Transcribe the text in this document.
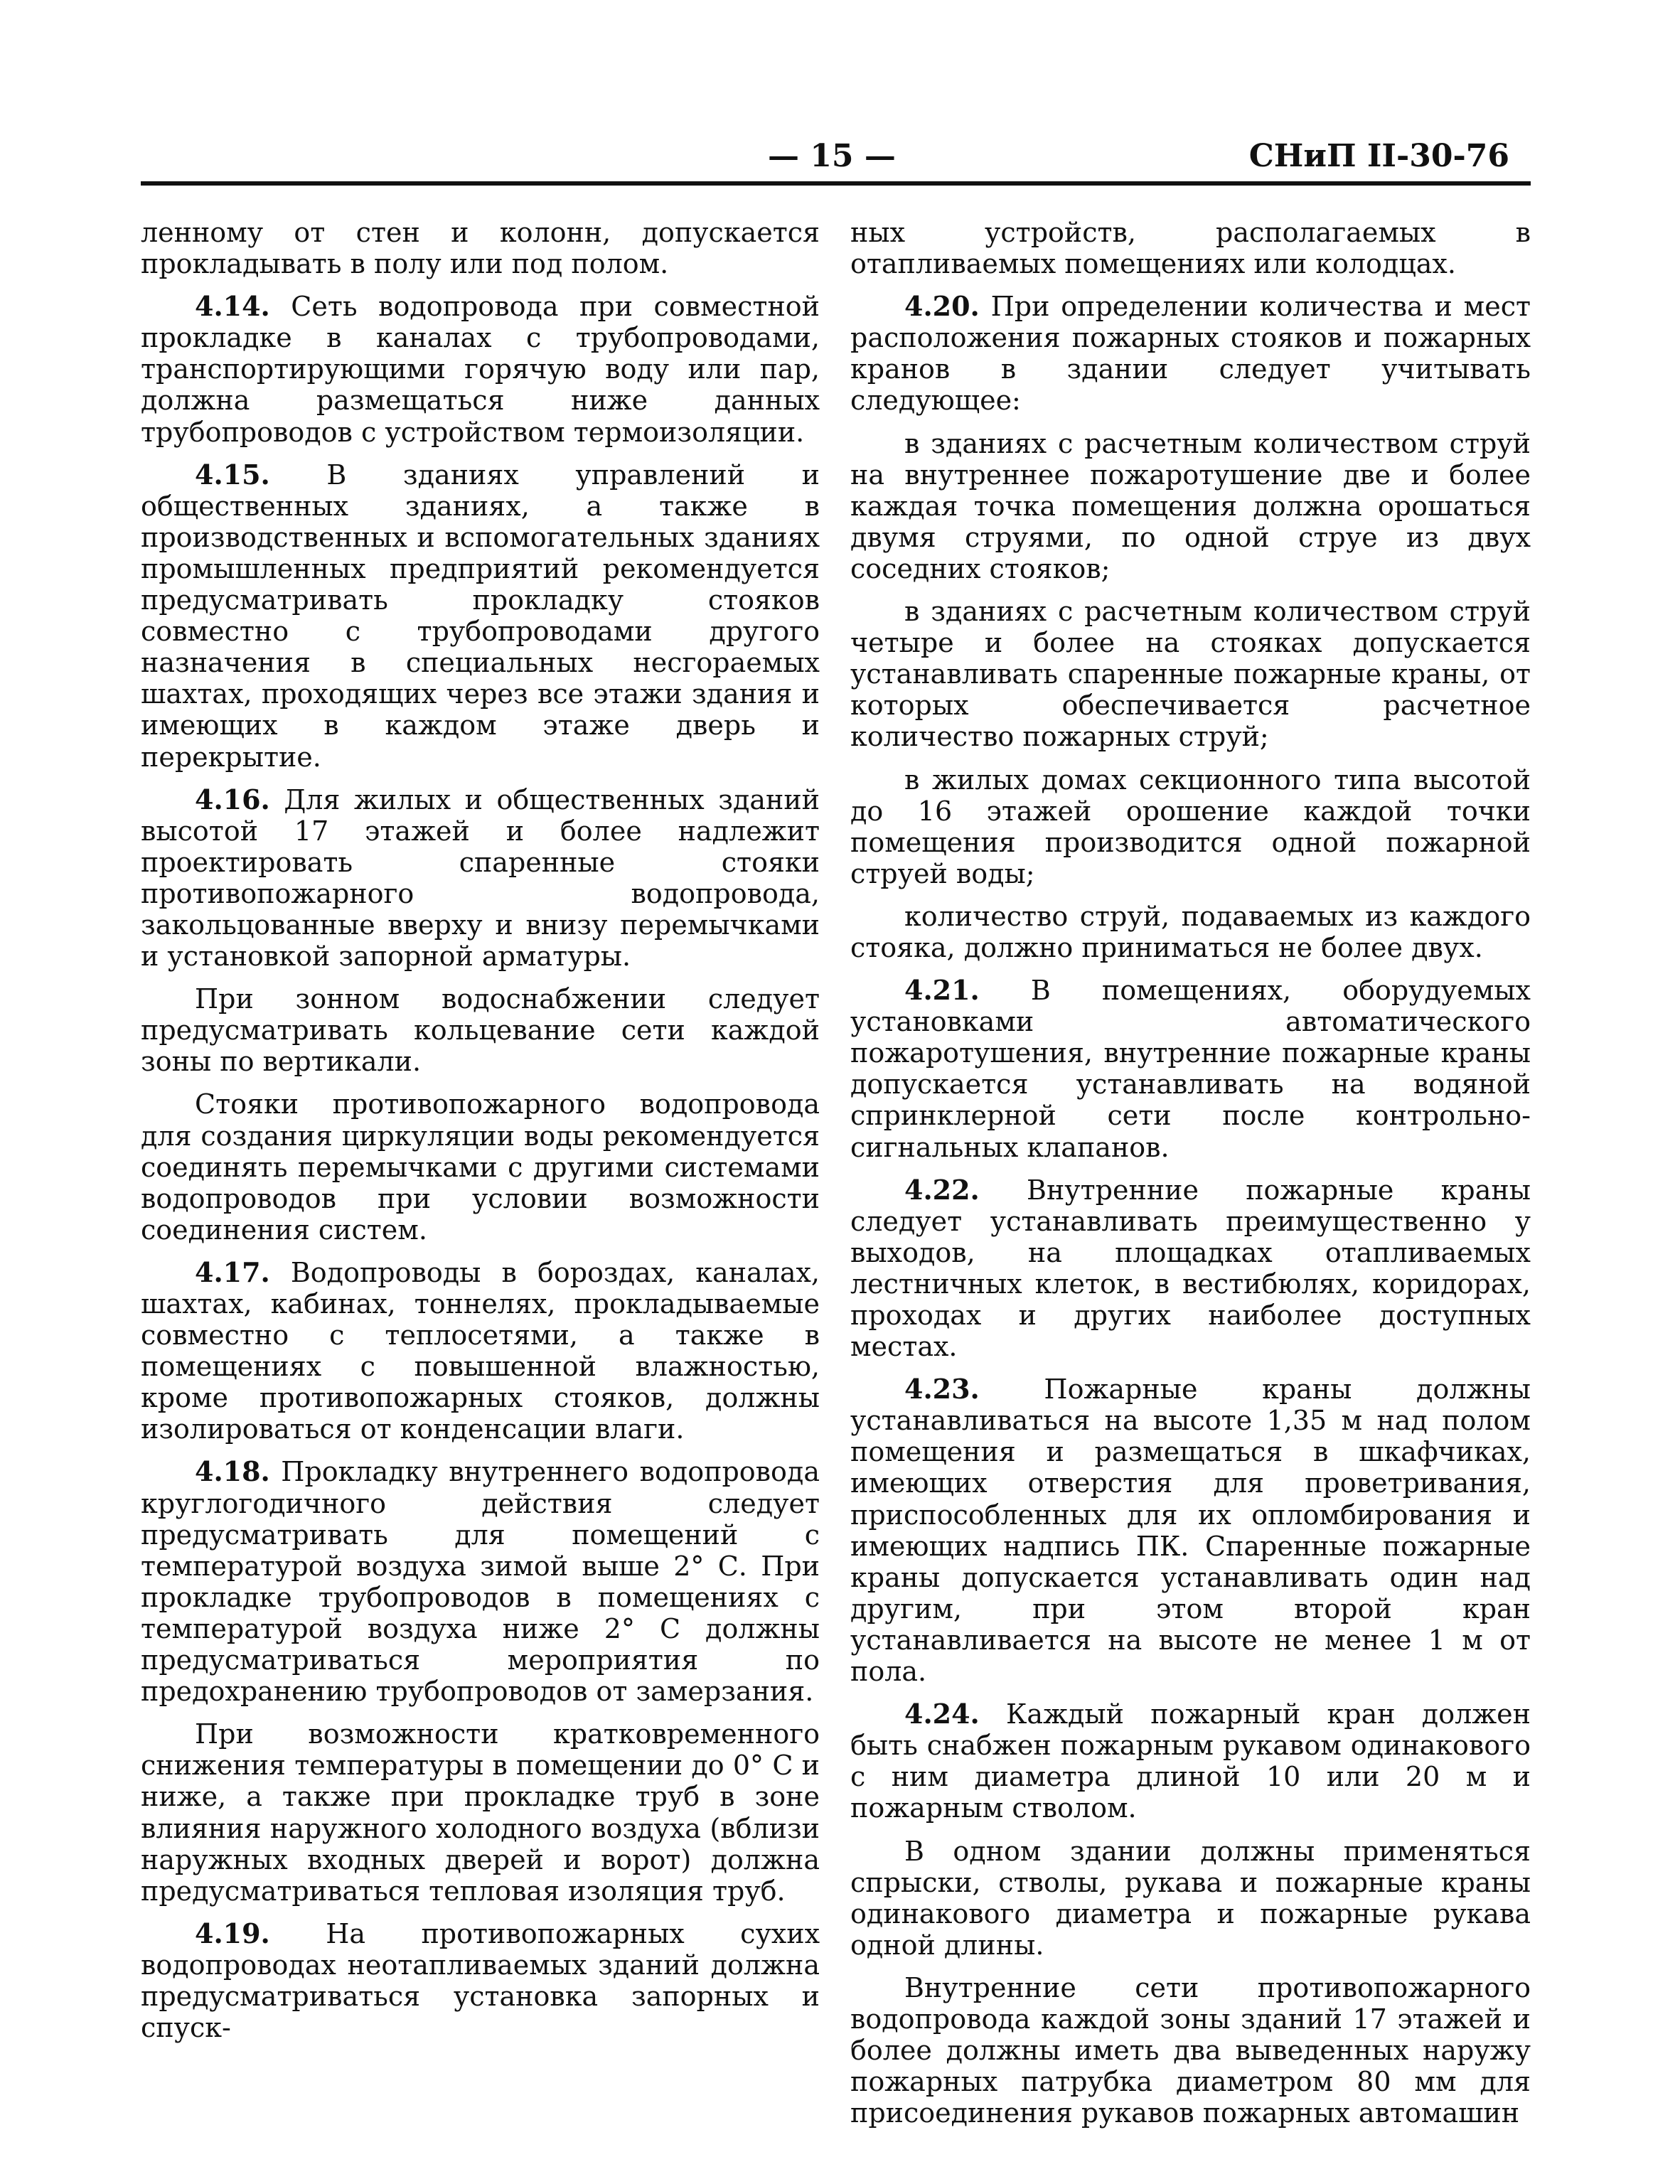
— 15 —	СНиП II-30-76

ленному от стен и колонн, допускается прокладывать в полу или под полом.

4.14. Сеть водопровода при совместной прокладке в каналах с трубопроводами, транспортирующими горячую воду или пар, должна размещаться ниже данных трубопроводов с устройством термоизоляции.

4.15. В зданиях управлений и общественных зданиях, а также в производственных и вспомогательных зданиях промышленных предприятий рекомендуется предусматривать прокладку стояков совместно с трубопроводами другого назначения в специальных несгораемых шахтах, проходящих через все этажи здания и имеющих в каждом этаже дверь и перекрытие.

4.16. Для жилых и общественных зданий высотой 17 этажей и более надлежит проектировать спаренные стояки противопожарного водопровода, закольцованные вверху и внизу перемычками и установкой запорной арматуры.

При зонном водоснабжении следует предусматривать кольцевание сети каждой зоны по вертикали.

Стояки противопожарного водопровода для создания циркуляции воды рекомендуется соединять перемычками с другими системами водопроводов при условии возможности соединения систем.

4.17. Водопроводы в бороздах, каналах, шахтах, кабинах, тоннелях, прокладываемые совместно с теплосетями, а также в помещениях с повышенной влажностью, кроме противопожарных стояков, должны изолироваться от конденсации влаги.

4.18. Прокладку внутреннего водопровода круглогодичного действия следует предусматривать для помещений с температурой воздуха зимой выше 2° С. При прокладке трубопроводов в помещениях с температурой воздуха ниже 2° С должны предусматриваться мероприятия по предохранению трубопроводов от замерзания.

При возможности кратковременного снижения температуры в помещении до 0° С и ниже, а также при прокладке труб в зоне влияния наружного холодного воздуха (вблизи наружных входных дверей и ворот) должна предусматриваться тепловая изоляция труб.

4.19. На противопожарных сухих водопроводах неотапливаемых зданий должна предусматриваться установка запорных и спуск-

ных устройств, располагаемых в отапливаемых помещениях или колодцах.

4.20. При определении количества и мест расположения пожарных стояков и пожарных кранов в здании следует учитывать следующее:

в зданиях с расчетным количеством струй на внутреннее пожаротушение две и более каждая точка помещения должна орошаться двумя струями, по одной струе из двух соседних стояков;

в зданиях с расчетным количеством струй четыре и более на стояках допускается устанавливать спаренные пожарные краны, от которых обеспечивается расчетное количество пожарных струй;

в жилых домах секционного типа высотой до 16 этажей орошение каждой точки помещения производится одной пожарной струей воды;

количество струй, подаваемых из каждого стояка, должно приниматься не более двух.

4.21. В помещениях, оборудуемых установками автоматического пожаротушения, внутренние пожарные краны допускается устанавливать на водяной спринклерной сети после контрольно-сигнальных клапанов.

4.22. Внутренние пожарные краны следует устанавливать преимущественно у выходов, на площадках отапливаемых лестничных клеток, в вестибюлях, коридорах, проходах и других наиболее доступных местах.

4.23. Пожарные краны должны устанавливаться на высоте 1,35 м над полом помещения и размещаться в шкафчиках, имеющих отверстия для проветривания, приспособленных для их опломбирования и имеющих надпись ПК. Спаренные пожарные краны допускается устанавливать один над другим, при этом второй кран устанавливается на высоте не менее 1 м от пола.

4.24. Каждый пожарный кран должен быть снабжен пожарным рукавом одинакового с ним диаметра длиной 10 или 20 м и пожарным стволом.

В одном здании должны применяться спрыски, стволы, рукава и пожарные краны одинакового диаметра и пожарные рукава одной длины.

Внутренние сети противопожарного водопровода каждой зоны зданий 17 этажей и более должны иметь два выведенных наружу пожарных патрубка диаметром 80 мм для присоединения рукавов пожарных автомашин
